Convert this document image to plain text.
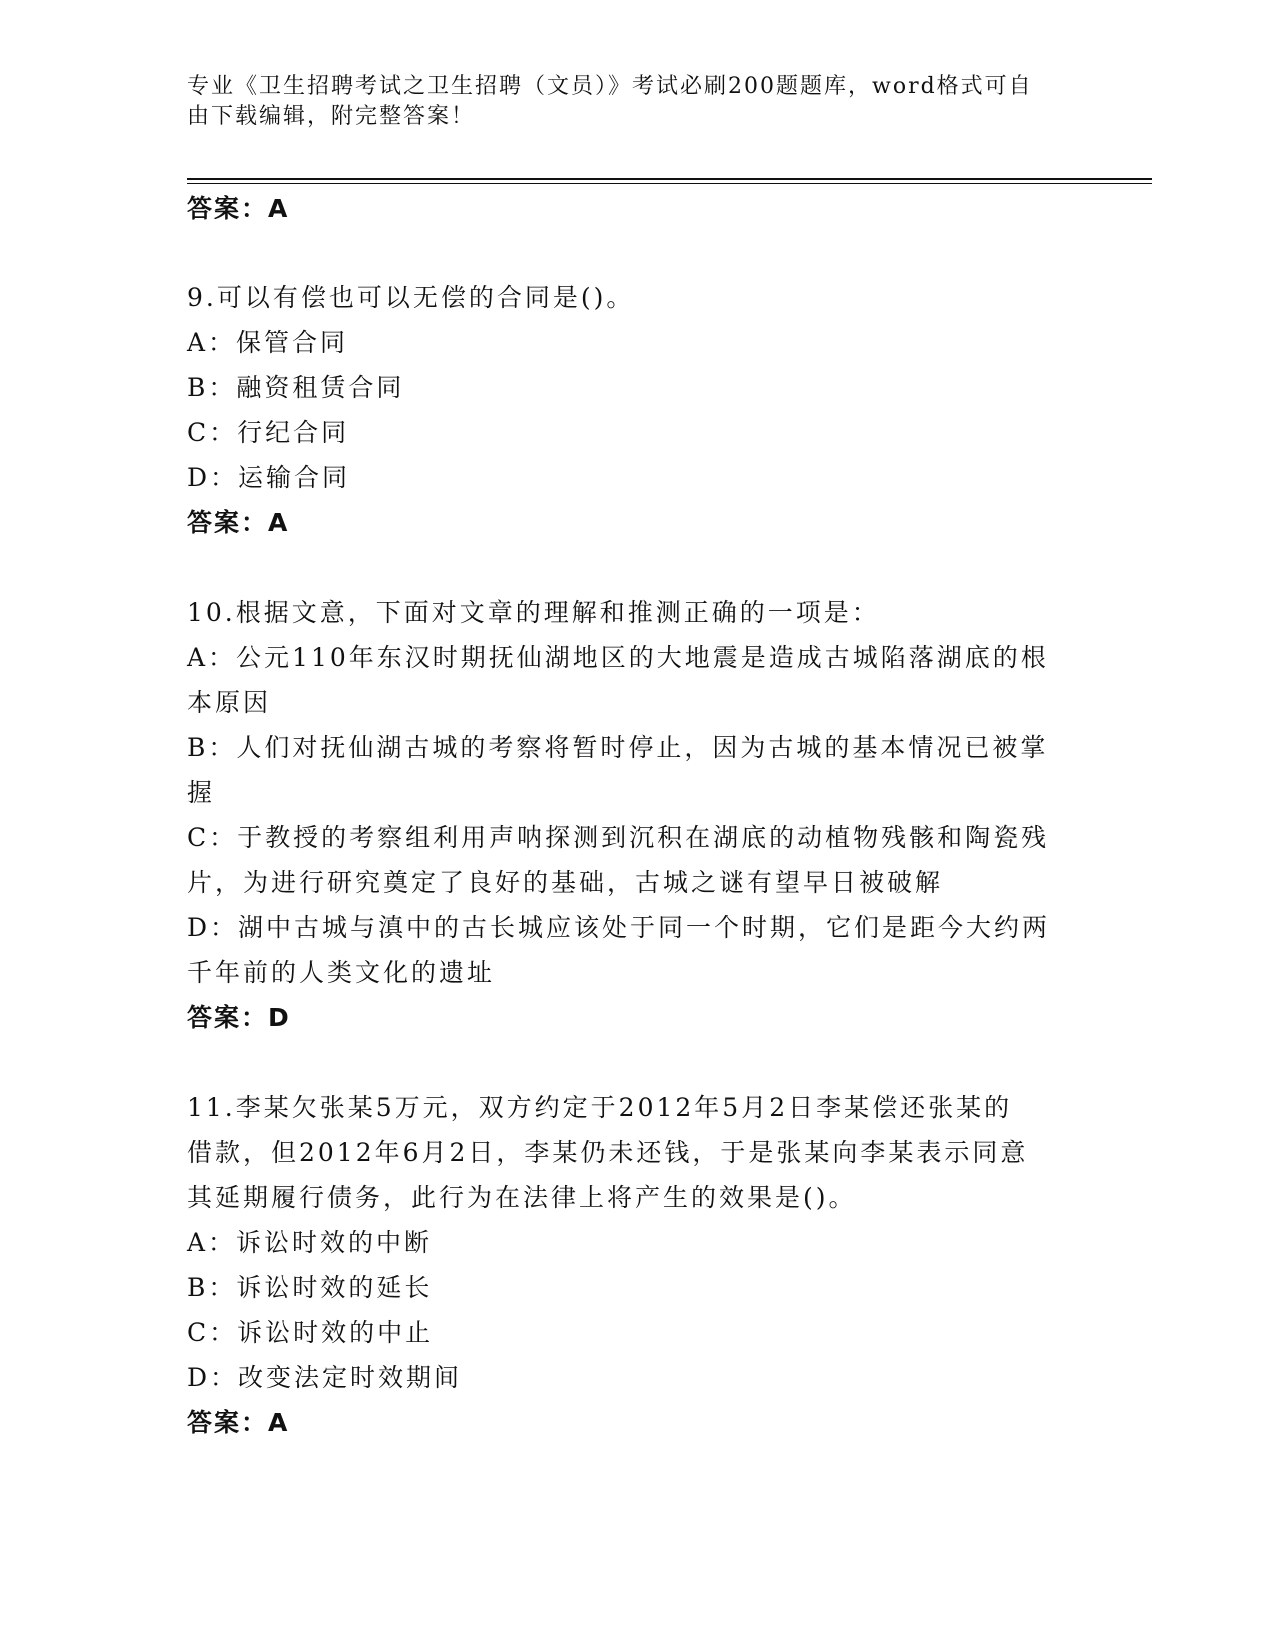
专业《卫生招聘考试之卫生招聘（文员）》考试必刷200题题库，word格式可自
由下载编辑，附完整答案！
答案：A
9.可以有偿也可以无偿的合同是()。
A：保管合同
B：融资租赁合同
C：行纪合同
D：运输合同
答案：A
10.根据文意，下面对文章的理解和推测正确的一项是：
A：公元110年东汉时期抚仙湖地区的大地震是造成古城陷落湖底的根
本原因
B：人们对抚仙湖古城的考察将暂时停止，因为古城的基本情况已被掌
握
C：于教授的考察组利用声呐探测到沉积在湖底的动植物残骸和陶瓷残
片，为进行研究奠定了良好的基础，古城之谜有望早日被破解
D：湖中古城与滇中的古长城应该处于同一个时期，它们是距今大约两
千年前的人类文化的遗址
答案：D
11.李某欠张某5万元，双方约定于2012年5月2日李某偿还张某的
借款，但2012年6月2日，李某仍未还钱，于是张某向李某表示同意
其延期履行债务，此行为在法律上将产生的效果是()。
A：诉讼时效的中断
B：诉讼时效的延长
C：诉讼时效的中止
D：改变法定时效期间
答案：A
